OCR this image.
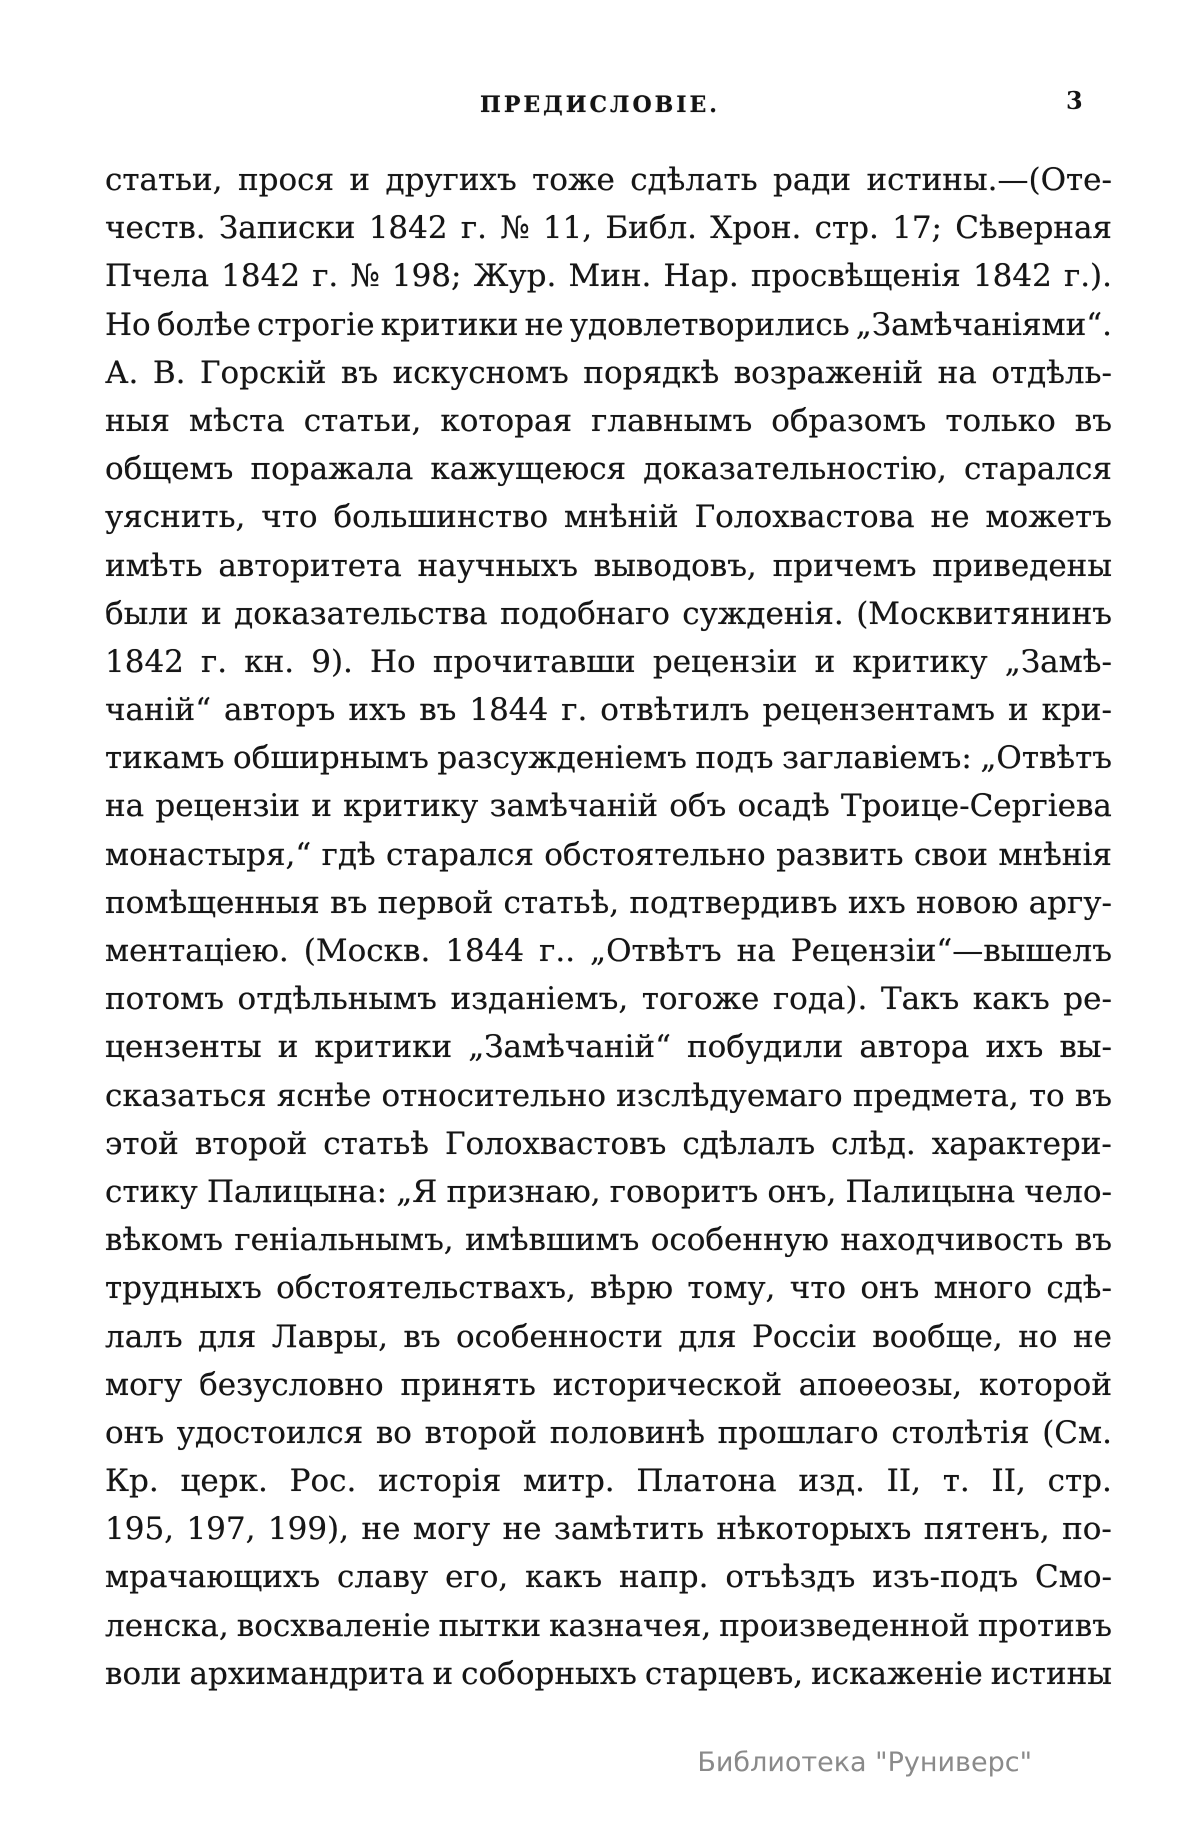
ПРЕДИСЛОВІЕ.	3
статьи, прося и другихъ тоже сдѣлать ради истины.—(Оте-
честв. Записки 1842 г. № 11, Библ. Хрон. стр. 17; Сѣверная
Пчела 1842 г. № 198; Жур. Мин. Нар. просвѣщенія 1842 г.).
Но болѣе строгіе критики не удовлетворились „Замѣчаніями“.
А. В. Горскій въ искусномъ порядкѣ возраженій на отдѣль-
ныя мѣста статьи, которая главнымъ образомъ только въ
общемъ поражала кажущеюся доказательностію, старался
уяснить, что большинство мнѣній Голохвастова не можетъ
имѣть авторитета научныхъ выводовъ, причемъ приведены
были и доказательства подобнаго сужденія. (Москвитянинъ
1842 г. кн. 9). Но прочитавши рецензіи и критику „Замѣ-
чаній“ авторъ ихъ въ 1844 г. отвѣтилъ рецензентамъ и кри-
тикамъ обширнымъ разсужденіемъ подъ заглавіемъ: „Отвѣтъ
на рецензіи и критику замѣчаній объ осадѣ Троице-Сергіева
монастыря,“ гдѣ старался обстоятельно развить свои мнѣнія
помѣщенныя въ первой статьѣ, подтвердивъ ихъ новою аргу-
ментаціею. (Москв. 1844 г.. „Отвѣтъ на Рецензіи“—вышелъ
потомъ отдѣльнымъ изданіемъ, тогоже года). Такъ какъ ре-
цензенты и критики „Замѣчаній“ побудили автора ихъ вы-
сказаться яснѣе относительно изслѣдуемаго предмета, то въ
этой второй статьѣ Голохвастовъ сдѣлалъ слѣд. характери-
стику Палицына: „Я признаю, говоритъ онъ, Палицына чело-
вѣкомъ геніальнымъ, имѣвшимъ особенную находчивость въ
трудныхъ обстоятельствахъ, вѣрю тому, что онъ много сдѣ-
лалъ для Лавры, въ особенности для Россіи вообще, но не
могу безусловно принять исторической апоѳеозы, которой
онъ удостоился во второй половинѣ прошлаго столѣтія (См.
Кр. церк. Рос. исторія митр. Платона изд. II, т. II, стр.
195, 197, 199), не могу не замѣтить нѣкоторыхъ пятенъ, по-
мрачающихъ славу его, какъ напр. отъѣздъ изъ-подъ Смо-
ленска, восхваленіе пытки казначея, произведенной противъ
воли архимандрита и соборныхъ старцевъ, искаженіе истины
Библиотека "Руниверс"
